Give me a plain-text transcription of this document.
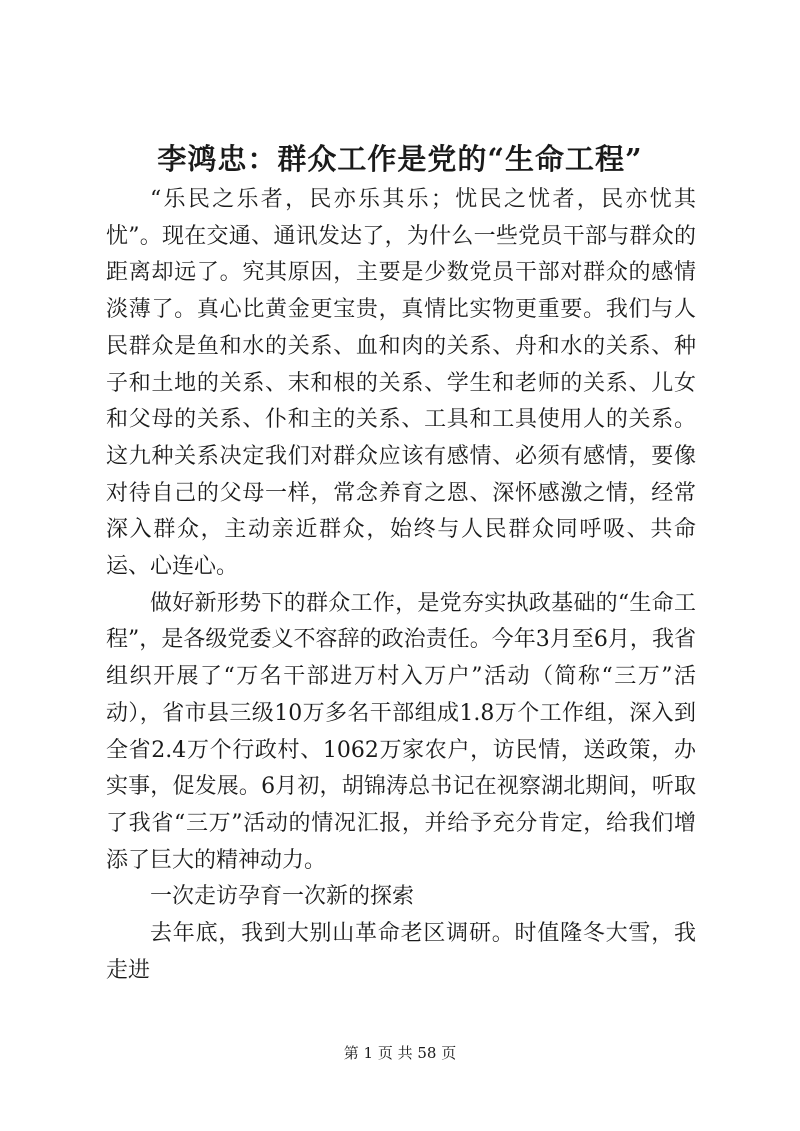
李鸿忠：群众工作是党的“生命工程”

“乐民之乐者，民亦乐其乐；忧民之忧者，民亦忧其忧”。现在交通、通讯发达了，为什么一些党员干部与群众的距离却远了。究其原因，主要是少数党员干部对群众的感情淡薄了。真心比黄金更宝贵，真情比实物更重要。我们与人民群众是鱼和水的关系、血和肉的关系、舟和水的关系、种子和土地的关系、末和根的关系、学生和老师的关系、儿女和父母的关系、仆和主的关系、工具和工具使用人的关系。这九种关系决定我们对群众应该有感情、必须有感情，要像对待自己的父母一样，常念养育之恩、深怀感激之情，经常深入群众，主动亲近群众，始终与人民群众同呼吸、共命运、心连心。

做好新形势下的群众工作，是党夯实执政基础的“生命工程”，是各级党委义不容辞的政治责任。今年3月至6月，我省组织开展了“万名干部进万村入万户”活动（简称“三万”活动），省市县三级10万多名干部组成1.8万个工作组，深入到全省2.4万个行政村、1062万家农户，访民情，送政策，办实事，促发展。6月初，胡锦涛总书记在视察湖北期间，听取了我省“三万”活动的情况汇报，并给予充分肯定，给我们增添了巨大的精神动力。

一次走访孕育一次新的探索

去年底，我到大别山革命老区调研。时值隆冬大雪，我走进

第 1 页 共 58 页
